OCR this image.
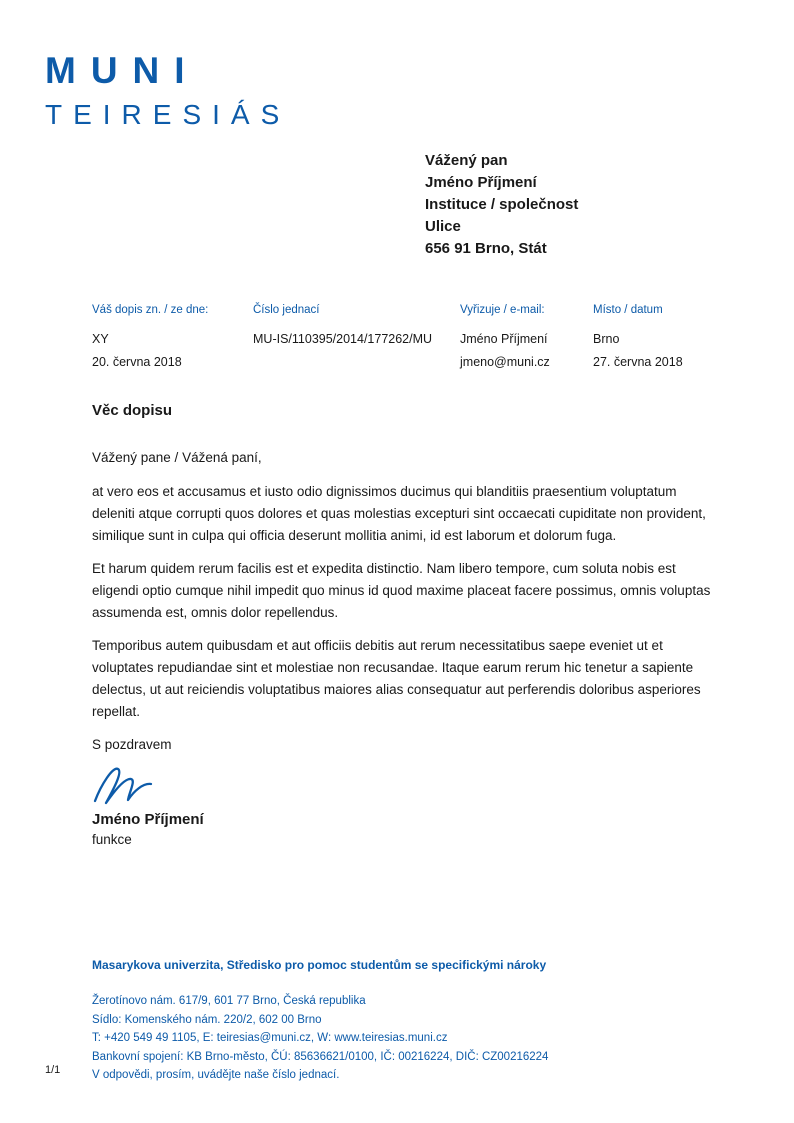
MUNI
TEIRESIÁS
Vážený pan
Jméno Příjmení
Instituce / společnost
Ulice
656 91 Brno, Stát
Váš dopis zn. / ze dne:
XY
20. června 2018
Číslo jednací
MU-IS/110395/2014/177262/MU
Vyřizuje / e-mail:
Jméno Příjmení
jmeno@muni.cz
Místo / datum
Brno
27. června 2018
Věc dopisu
Vážený pane / Vážená paní,

at vero eos et accusamus et iusto odio dignissimos ducimus qui blanditiis praesentium voluptatum deleniti atque corrupti quos dolores et quas molestias excepturi sint occaecati cupiditate non provident, similique sunt in culpa qui officia deserunt mollitia animi, id est laborum et dolorum fuga.

Et harum quidem rerum facilis est et expedita distinctio. Nam libero tempore, cum soluta nobis est eligendi optio cumque nihil impedit quo minus id quod maxime placeat facere possimus, omnis voluptas assumenda est, omnis dolor repellendus.

Temporibus autem quibusdam et aut officiis debitis aut rerum necessitatibus saepe eveniet ut et voluptates repudiandae sint et molestiae non recusandae. Itaque earum rerum hic tenetur a sapiente delectus, ut aut reiciendis voluptatibus maiores alias consequatur aut perferendis doloribus asperiores repellat.

S pozdravem
Jméno Příjmení
funkce
Masarykova univerzita, Středisko pro pomoc studentům se specifickými nároky
Žerotínovo nám. 617/9, 601 77 Brno, Česká republika
Sídlo: Komenského nám. 220/2, 602 00 Brno
T: +420 549 49 1105, E: teiresias@muni.cz, W: www.teiresias.muni.cz
Bankovní spojení: KB Brno-město, ČÚ: 85636621/0100, IČ: 00216224, DIČ: CZ00216224
V odpovědi, prosím, uvádějte naše číslo jednací.
1/1
